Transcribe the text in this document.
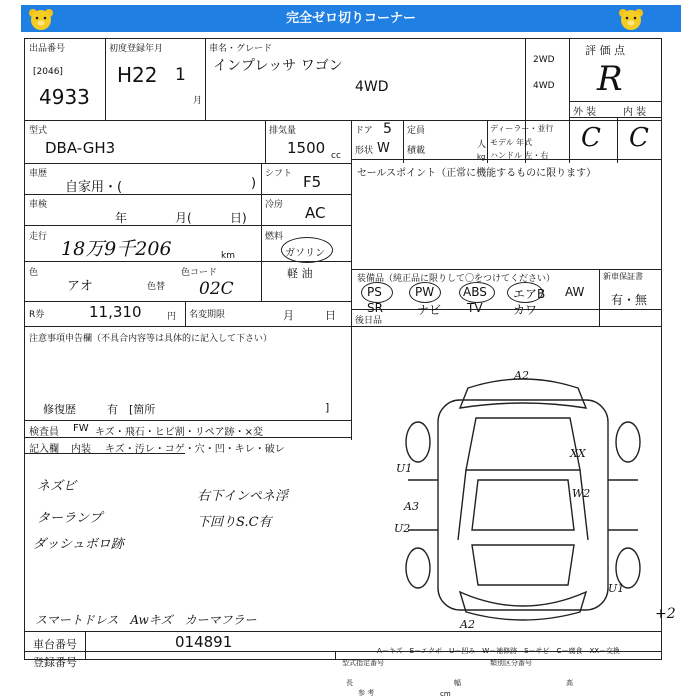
完全ゼロ切りコーナー
出品番号
[2046]
4933
初度登録年月
H22 1
月
車名・グレード
インプレッサ ワゴン
4WD
2WD
4WD
評 価 点
R
外 装	内 装
C C
型式
DBA-GH3
排気量
1500 cc
ドア 5
形状 W
定員
人
積載
kg
ディーラー・並行
モデル 年式
ハンドル 左・右
車歴
自家用・(	)
シフト F5	セールスポイント（正常に機能するものに限ります）
車検
年	月(	日)
冷房 AC
走行
18万9千206	km
燃料
ガソリン
軽 油
色
アオ	色替
色コード
02C
R券	11,310	円 名変期限	月	日
装備品（純正品に限りして〇をつけてください）
PS	PW ABS エアB AW
SR	ナビ TV	カワ
新車保証書
有・無
後日品
注意事項申告欄（不具合内容等は具体的に記入して下さい）
修復歴	有 [箇所	]
検査員 FW キズ・飛石・ヒビ割・リペア跡・×変
記入欄 内装 キズ・汚レ・コゲ・穴・凹・キレ・破レ
ネズビ
ターランプ
ダッシュボロ跡
右下インペネ浮
下回りS.C有
スマートドレス　Awキズ　カーマフラー
車台番号	014891
登録番号
A2
XX
W2
U1
A3
U2
U1
A2
+2
A－キズ　E－エクボ　U－凹み　W－補修跡　S－サビ　C－腐食　XX－交換
型式指定番号	類別区分番号
長	幅	高
参 考	cm
